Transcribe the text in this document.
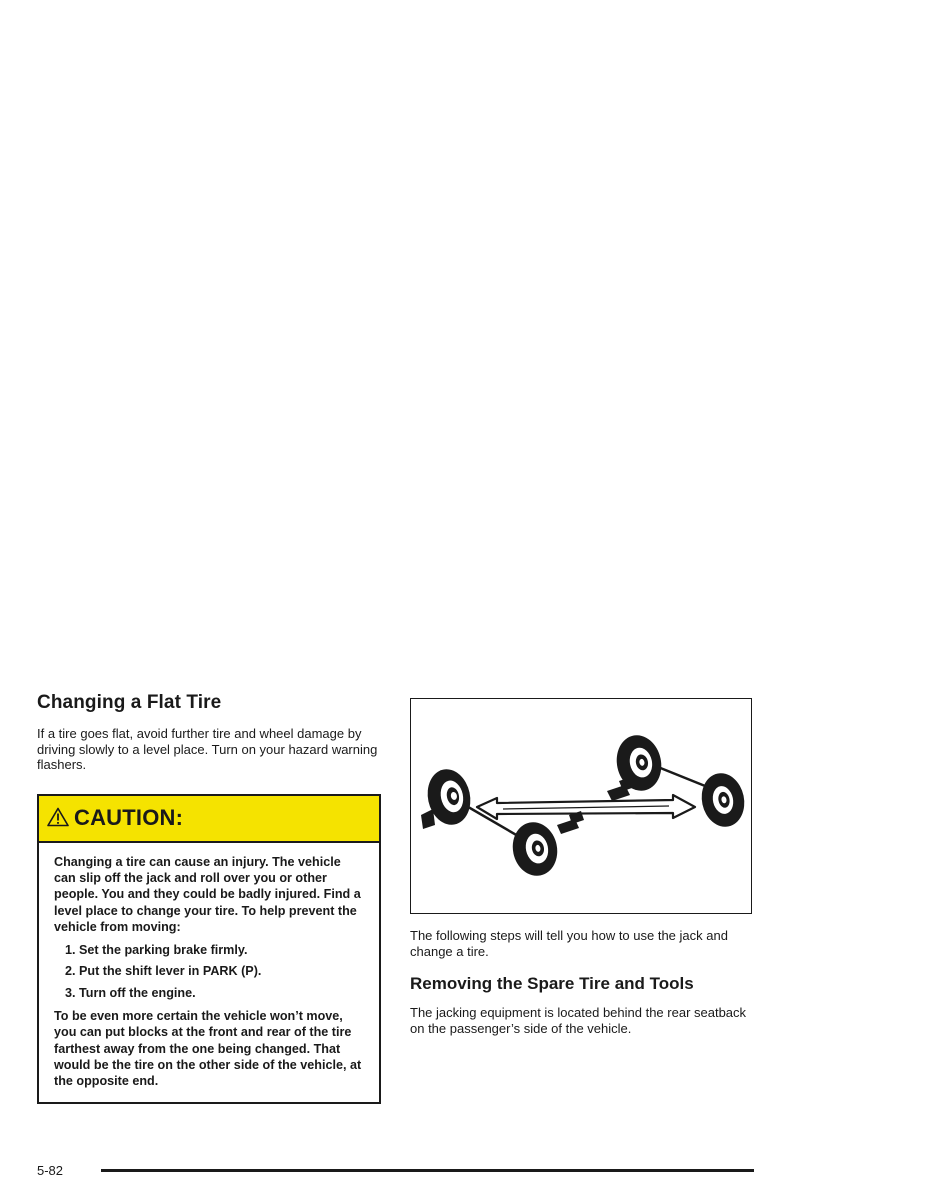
Changing a Flat Tire

If a tire goes flat, avoid further tire and wheel damage by driving slowly to a level place. Turn on your hazard warning flashers.

CAUTION:

Changing a tire can cause an injury. The vehicle can slip off the jack and roll over you or other people. You and they could be badly injured. Find a level place to change your tire. To help prevent the vehicle from moving:

1. Set the parking brake firmly.
2. Put the shift lever in PARK (P).
3. Turn off the engine.

To be even more certain the vehicle won’t move, you can put blocks at the front and rear of the tire farthest away from the one being changed. That would be the tire on the other side of the vehicle, at the opposite end.

The following steps will tell you how to use the jack and change a tire.

Removing the Spare Tire and Tools

The jacking equipment is located behind the rear seatback on the passenger’s side of the vehicle.

5-82
